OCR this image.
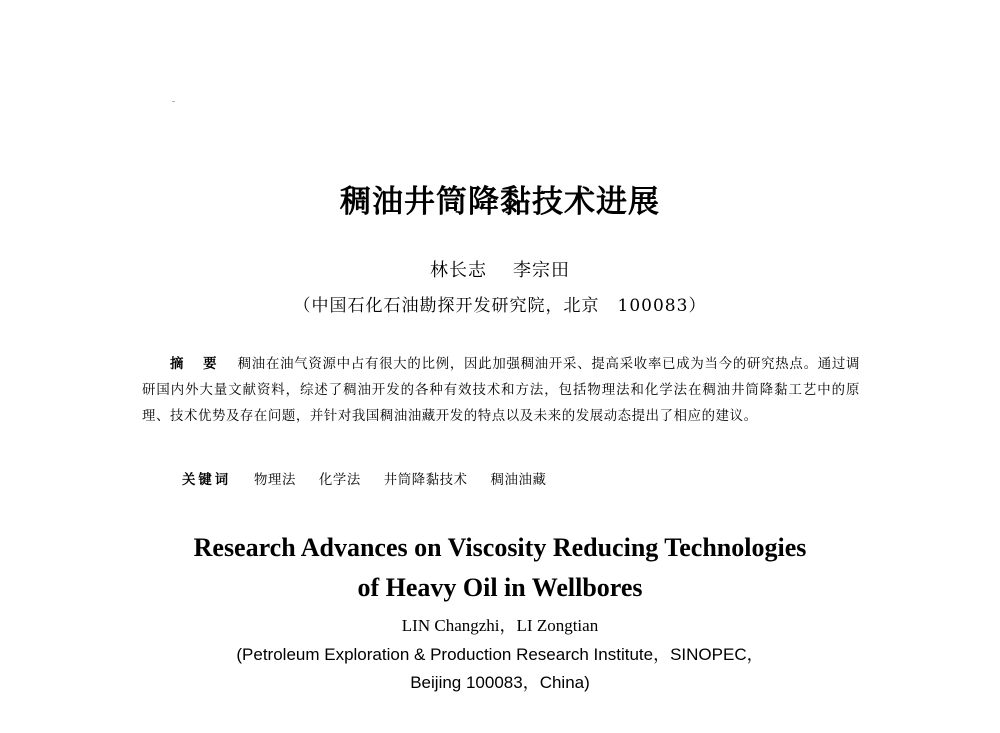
稠油井筒降黏技术进展
林长志 李宗田
（中国石化石油勘探开发研究院，北京　100083）
摘　要 稠油在油气资源中占有很大的比例，因此加强稠油开采、提高采收率已成为当今的研究热点。通过调研国内外大量文献资料，综述了稠油开发的各种有效技术和方法，包括物理法和化学法在稠油井筒降黏工艺中的原理、技术优势及存在问题，并针对我国稠油油藏开发的特点以及未来的发展动态提出了相应的建议。
关键词 物理法 化学法 井筒降黏技术 稠油油藏
Research Advances on Viscosity Reducing Technologies
of Heavy Oil in Wellbores
LIN Changzhi，LI Zongtian
(Petroleum Exploration & Production Research Institute，SINOPEC，
Beijing 100083，China)
